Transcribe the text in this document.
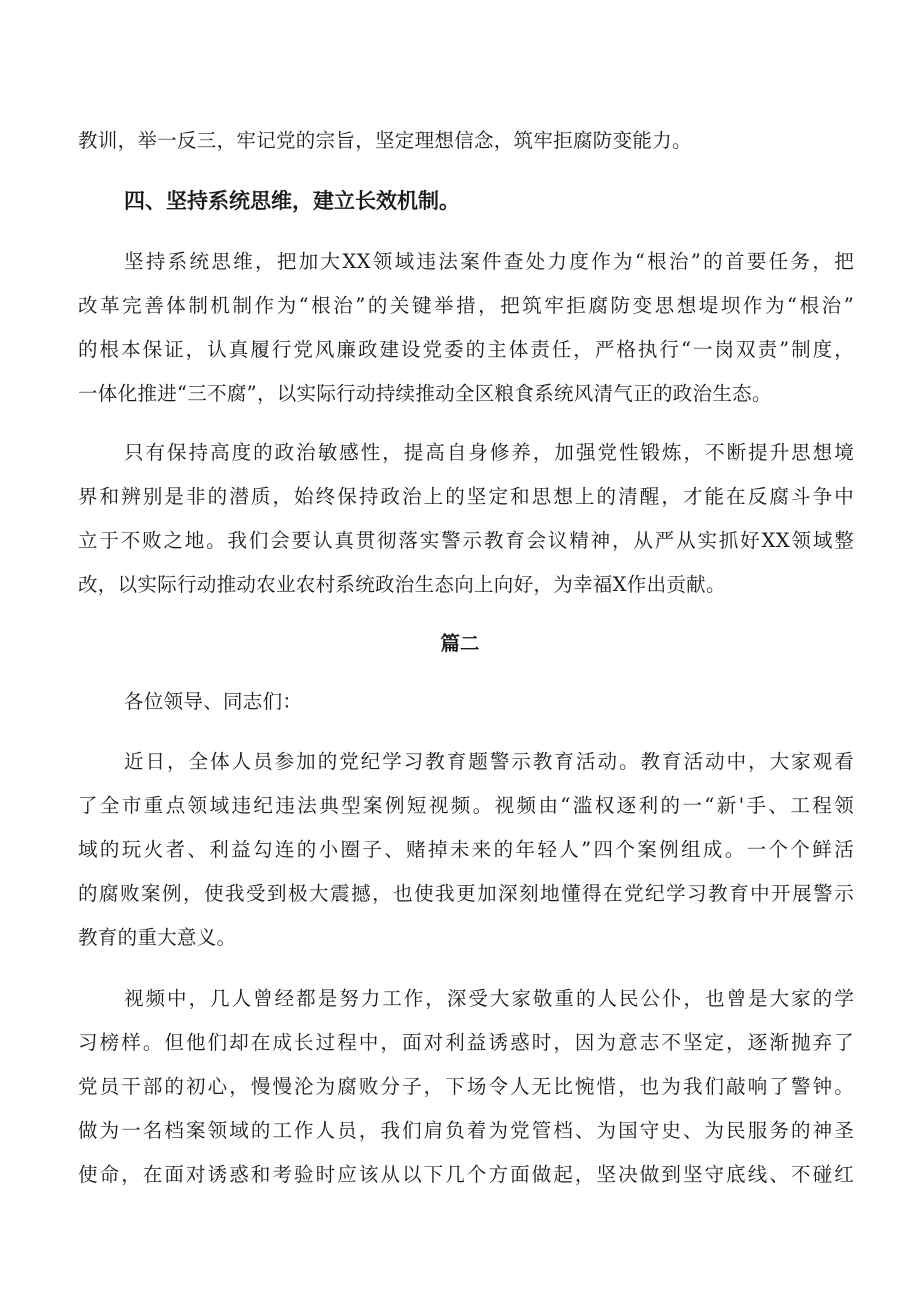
教训，举一反三，牢记党的宗旨，坚定理想信念，筑牢拒腐防变能力。
四、坚持系统思维，建立长效机制。
坚持系统思维，把加大XX领域违法案件查处力度作为“根治”的首要任务，把
改革完善体制机制作为“根治”的关键举措，把筑牢拒腐防变思想堤坝作为“根治”
的根本保证，认真履行党风廉政建设党委的主体责任，严格执行“一岗双责”制度，
一体化推进“三不腐”，以实际行动持续推动全区粮食系统风清气正的政治生态。
只有保持高度的政治敏感性，提高自身修养，加强党性锻炼，不断提升思想境
界和辨别是非的潜质，始终保持政治上的坚定和思想上的清醒，才能在反腐斗争中
立于不败之地。我们会要认真贯彻落实警示教育会议精神，从严从实抓好XX领域整
改，以实际行动推动农业农村系统政治生态向上向好，为幸福X作出贡献。
篇二
各位领导、同志们：
近日，全体人员参加的党纪学习教育题警示教育活动。教育活动中，大家观看
了全市重点领域违纪违法典型案例短视频。视频由“滥权逐利的一“新'手、工程领
域的玩火者、利益勾连的小圈子、赌掉未来的年轻人”四个案例组成。一个个鲜活
的腐败案例，使我受到极大震撼，也使我更加深刻地懂得在党纪学习教育中开展警示
教育的重大意义。
视频中，几人曾经都是努力工作，深受大家敬重的人民公仆，也曾是大家的学
习榜样。但他们却在成长过程中，面对利益诱惑时，因为意志不坚定，逐渐抛弃了
党员干部的初心，慢慢沦为腐败分子，下场令人无比惋惜，也为我们敲响了警钟。
做为一名档案领域的工作人员，我们肩负着为党管档、为国守史、为民服务的神圣
使命，在面对诱惑和考验时应该从以下几个方面做起，坚决做到坚守底线、不碰红
